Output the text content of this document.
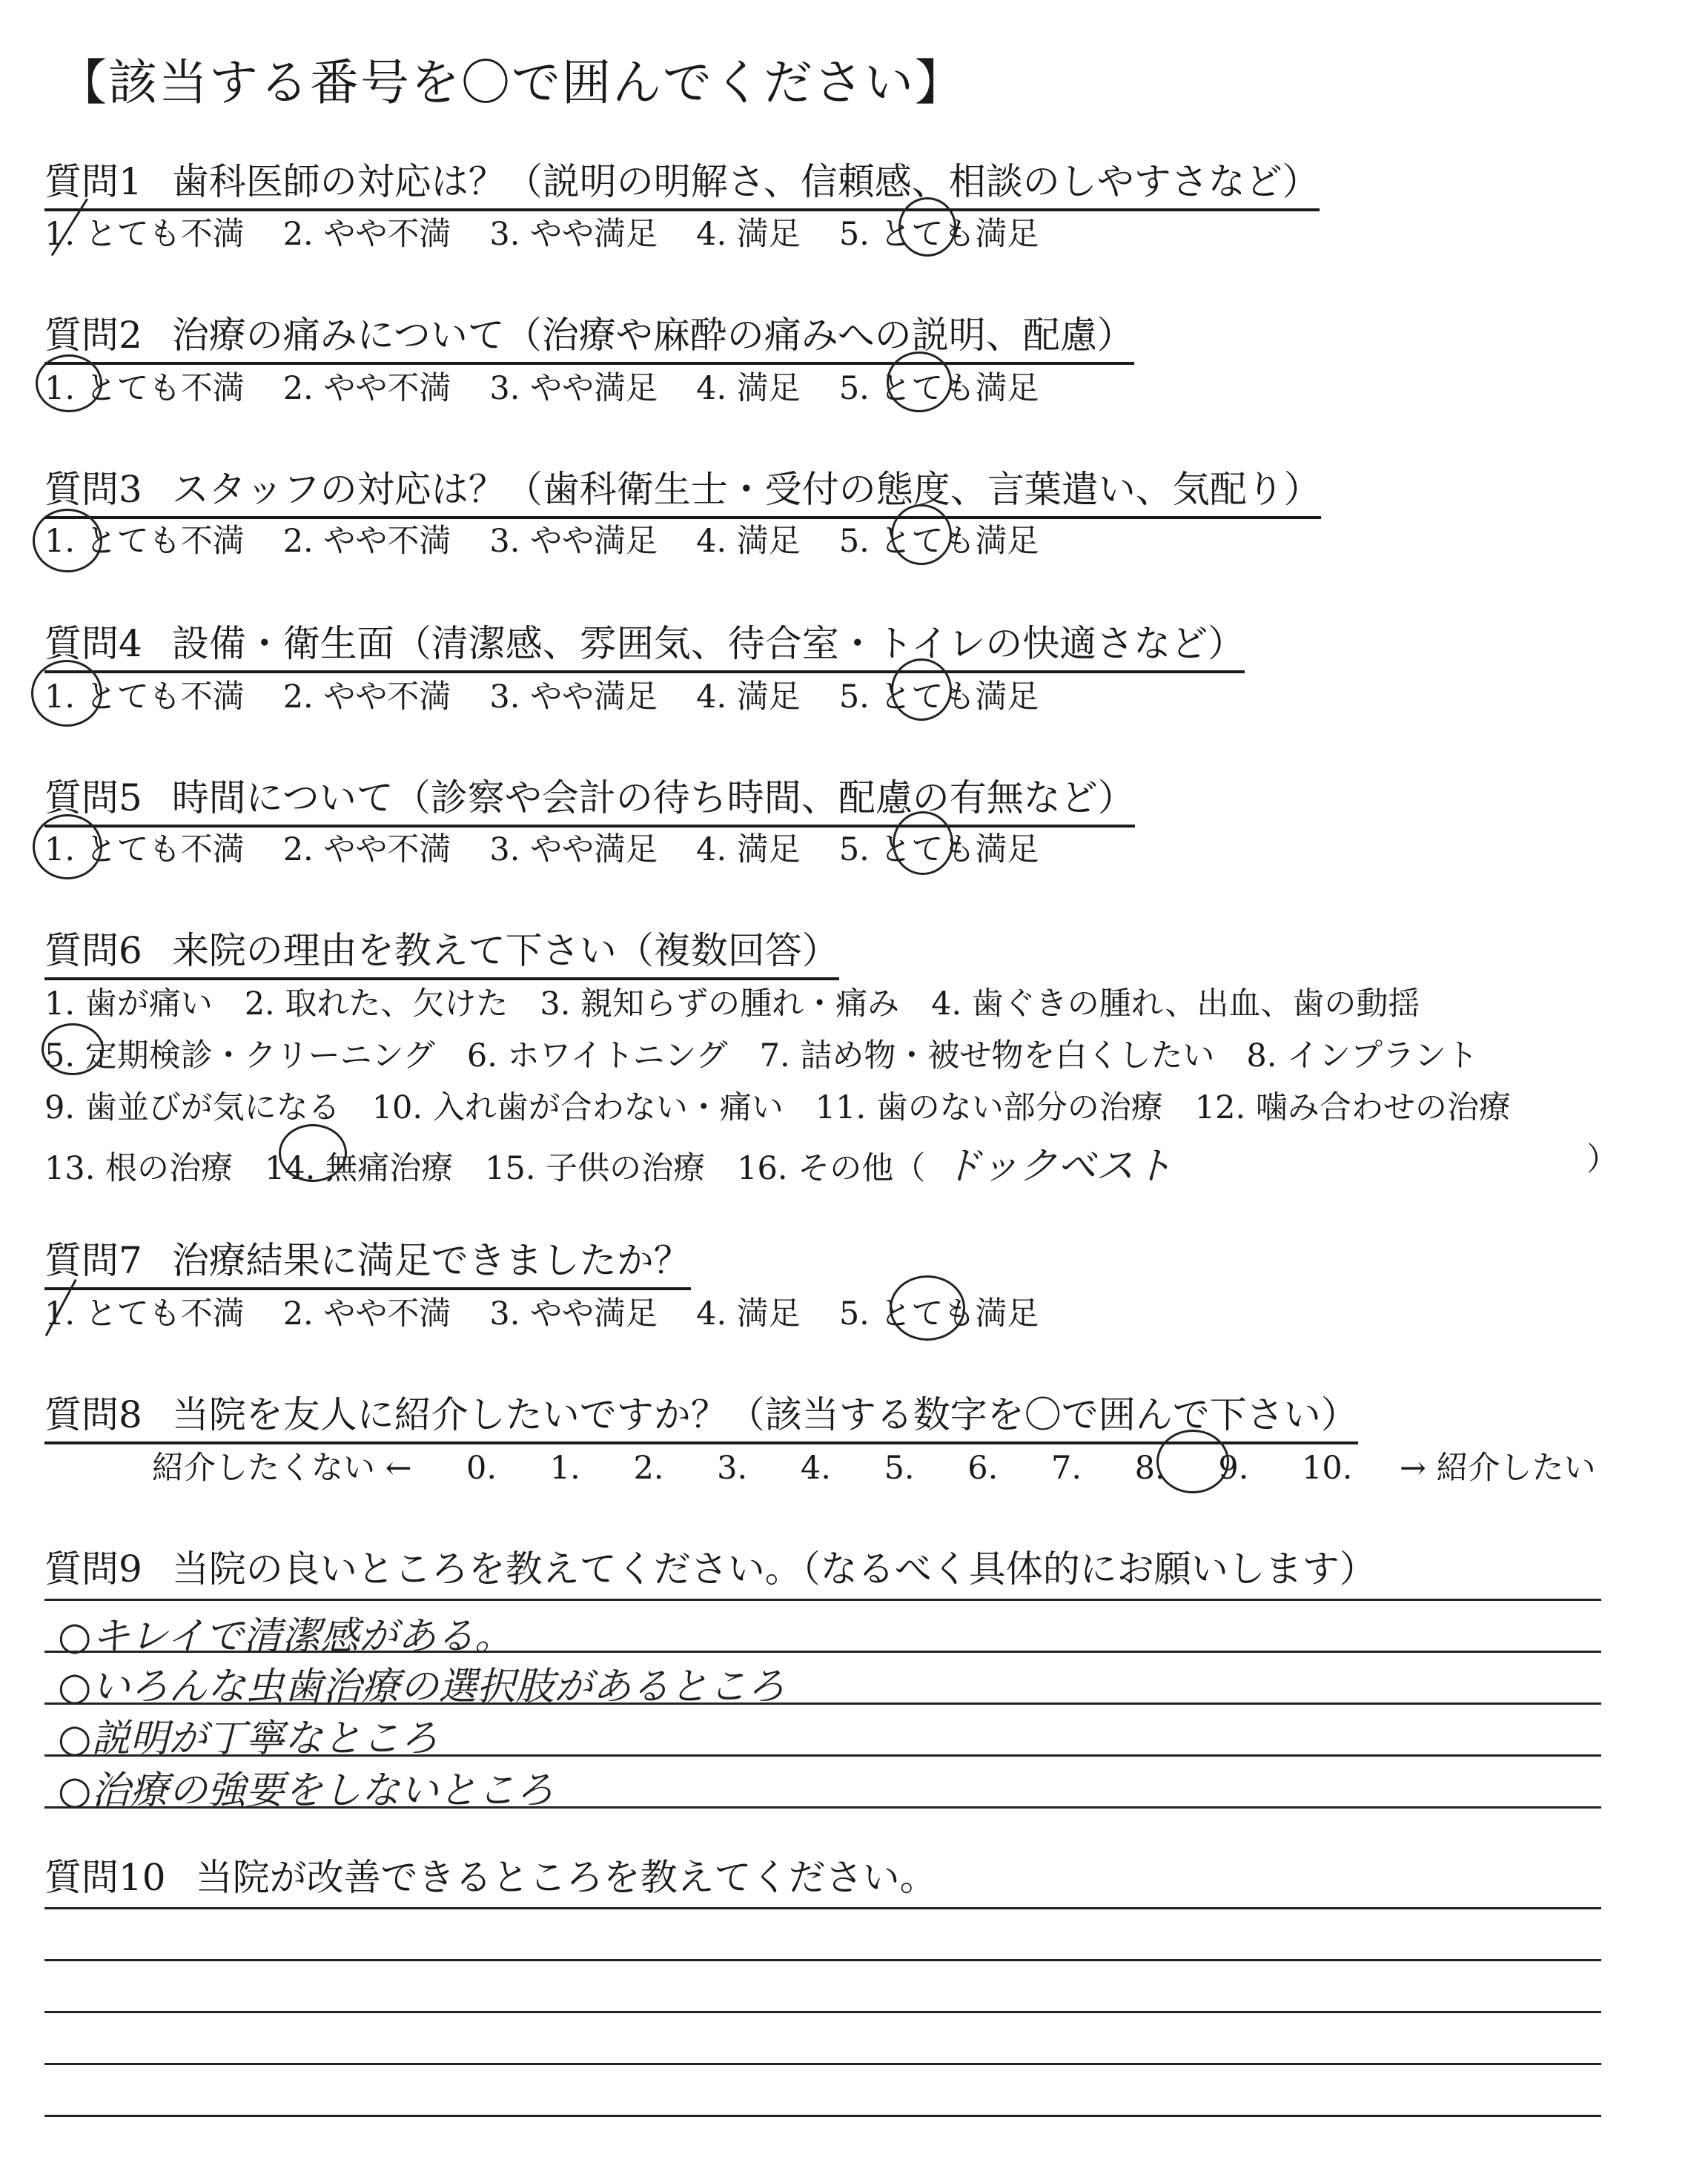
【該当する番号を〇で囲んでください】
質問1 歯科医師の対応は？（説明の明解さ、信頼感、相談のしやすさなど）
1. とても不満 2. やや不満 3. やや満足 4. 満足 5. とても満足
質問2 治療の痛みについて（治療や麻酔の痛みへの説明、配慮）
1. とても不満 2. やや不満 3. やや満足 4. 満足 5. とても満足
質問3 スタッフの対応は？（歯科衛生士・受付の態度、言葉遣い、気配り）
1. とても不満 2. やや不満 3. やや満足 4. 満足 5. とても満足
質問4 設備・衛生面（清潔感、雰囲気、待合室・トイレの快適さなど）
1. とても不満 2. やや不満 3. やや満足 4. 満足 5. とても満足
質問5 時間について（診察や会計の待ち時間、配慮の有無など）
1. とても不満 2. やや不満 3. やや満足 4. 満足 5. とても満足
質問6 来院の理由を教えて下さい（複数回答）
1. 歯が痛い　2. 取れた、欠けた　3. 親知らずの腫れ・痛み　4. 歯ぐきの腫れ、出血、歯の動揺
5. 定期検診・クリーニング　6. ホワイトニング　7. 詰め物・被せ物を白くしたい　8. インプラント
9. 歯並びが気になる　10. 入れ歯が合わない・痛い　11. 歯のない部分の治療　12. 噛み合わせの治療
13. 根の治療　14. 無痛治療　15. 子供の治療　16. その他（ ドックベスト	）
質問7 治療結果に満足できましたか？
1. とても不満 2. やや不満 3. やや満足 4. 満足 5. とても満足
質問8 当院を友人に紹介したいですか？（該当する数字を〇で囲んで下さい）
紹介したくない ← 0. 1. 2. 3. 4. 5. 6. 7. 8. 9. 10. → 紹介したい
質問9 当院の良いところを教えてください。（なるべく具体的にお願いします）
○キレイで清潔感がある。
○いろんな虫歯治療の選択肢があるところ
○説明が丁寧なところ
○治療の強要をしないところ
質問10 当院が改善できるところを教えてください。
